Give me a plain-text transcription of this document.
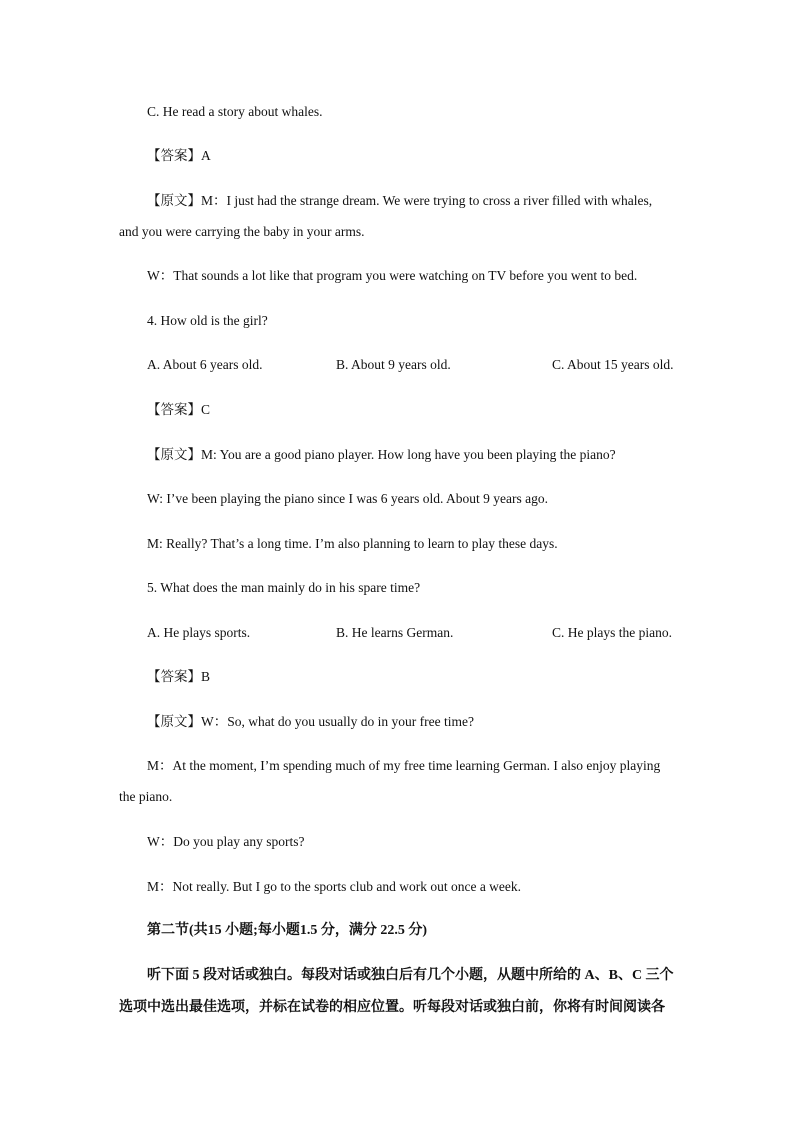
C. He read a story about whales.

【答案】A

【原文】M：I just had the strange dream. We were trying to cross a river filled with whales,

and you were carrying the baby in your arms.

W：That sounds a lot like that program you were watching on TV before you went to bed.

4. How old is the girl?

A. About 6 years old.	B. About 9 years old.	C. About 15 years old.

【答案】C

【原文】M: You are a good piano player. How long have you been playing the piano?

W: I’ve been playing the piano since I was 6 years old. About 9 years ago.

M: Really? That’s a long time. I’m also planning to learn to play these days.

5. What does the man mainly do in his spare time?

A. He plays sports.	B. He learns German.	C. He plays the piano.

【答案】B

【原文】W：So, what do you usually do in your free time?

M：At the moment, I’m spending much of my free time learning German. I also enjoy playing

the piano.

W：Do you play any sports?

M：Not really. But I go to the sports club and work out once a week.

第二节(共15 小题;每小题1.5 分，满分 22.5 分)

听下面 5 段对话或独白。每段对话或独白后有几个小题，从题中所给的 A、B、C 三个

选项中选出最佳选项，并标在试卷的相应位置。听每段对话或独白前，你将有时间阅读各
